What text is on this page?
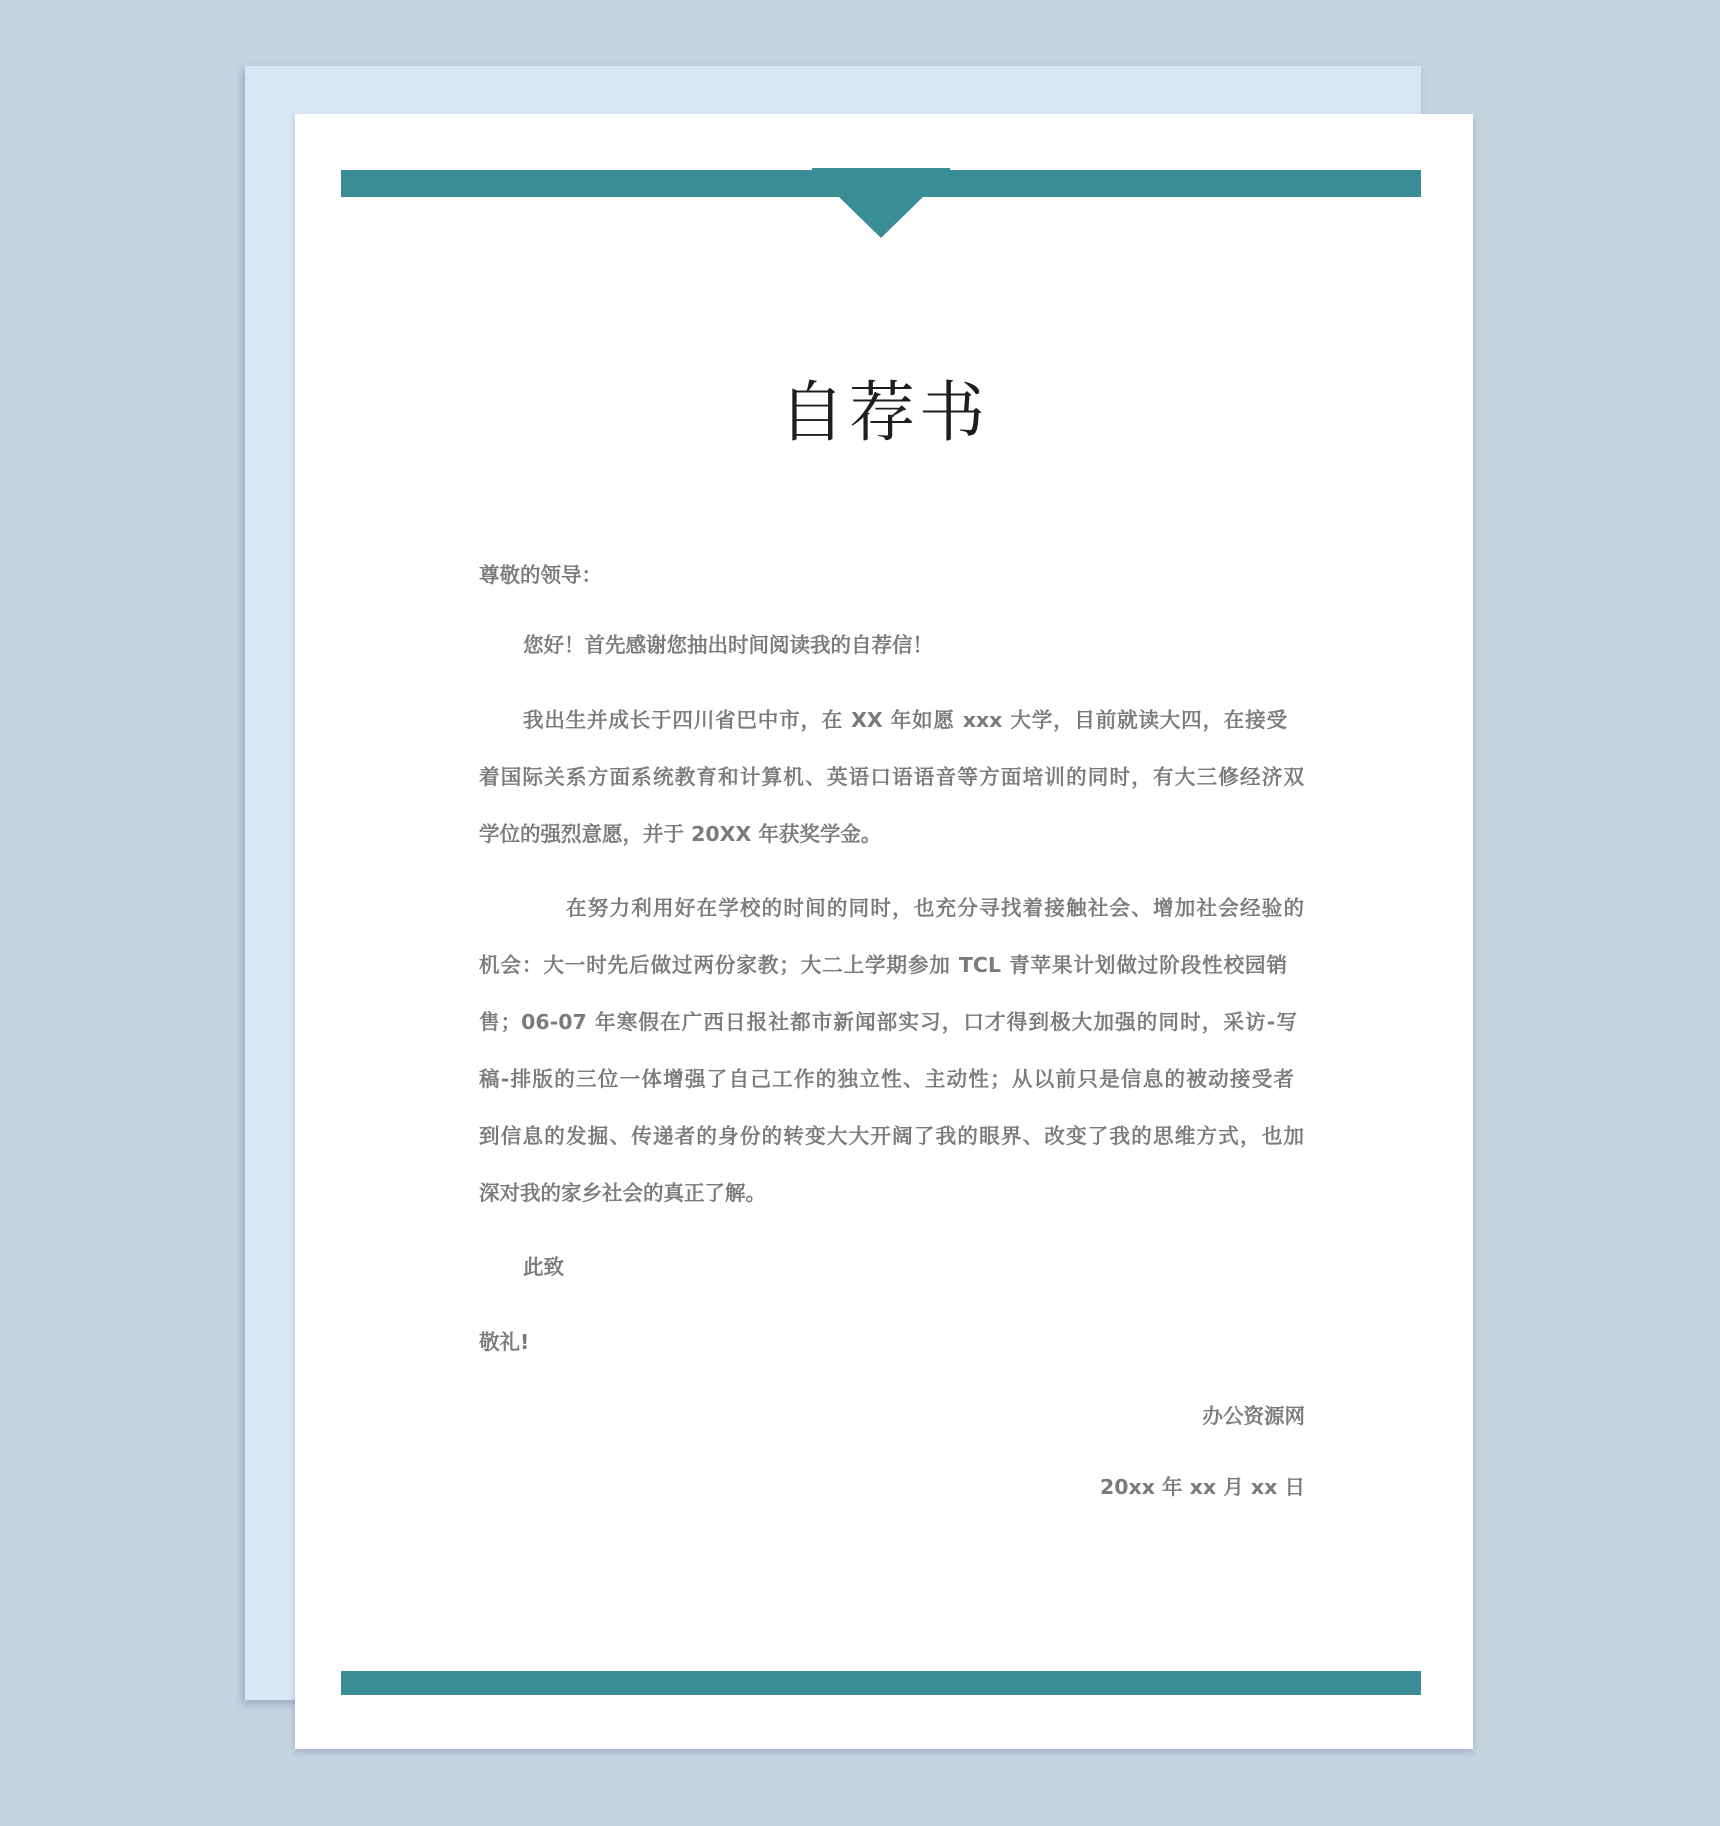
自荐书
尊敬的领导：
您好！首先感谢您抽出时间阅读我的自荐信！
我出生并成长于四川省巴中市，在 XX 年如愿 xxx 大学，目前就读大四，在接受
着国际关系方面系统教育和计算机、英语口语语音等方面培训的同时，有大三修经济双
学位的强烈意愿，并于 20XX 年获奖学金。
在努力利用好在学校的时间的同时，也充分寻找着接触社会、增加社会经验的
机会：大一时先后做过两份家教；大二上学期参加 TCL 青苹果计划做过阶段性校园销
售；06-07 年寒假在广西日报社都市新闻部实习，口才得到极大加强的同时，采访-写
稿-排版的三位一体增强了自己工作的独立性、主动性；从以前只是信息的被动接受者
到信息的发掘、传递者的身份的转变大大开阔了我的眼界、改变了我的思维方式，也加
深对我的家乡社会的真正了解。
此致
敬礼!
办公资源网
20xx 年 xx 月 xx 日
